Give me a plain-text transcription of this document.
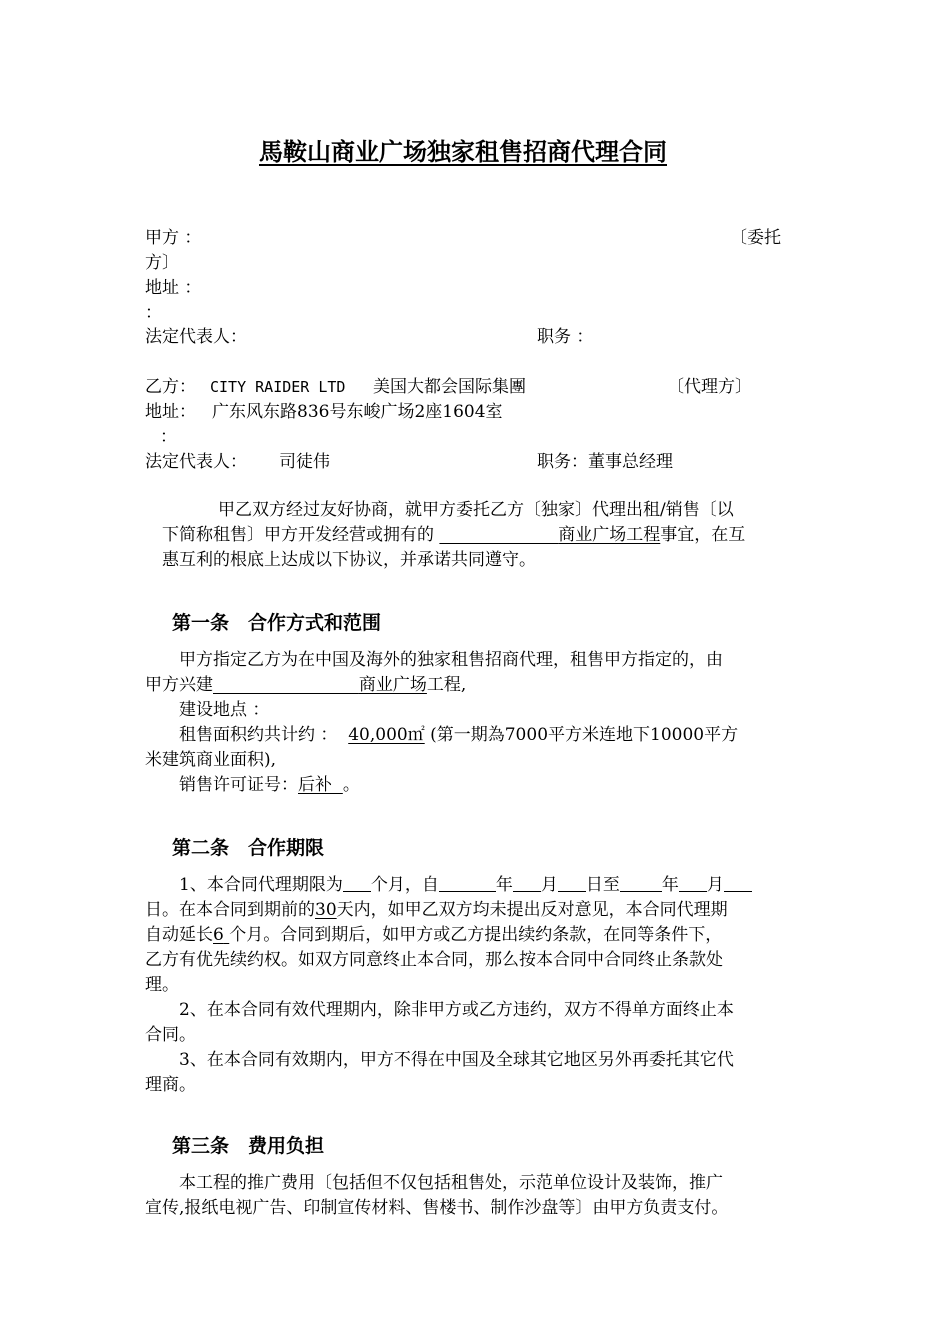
馬鞍山商业广场独家租售招商代理合同
甲方 ：	〔委托
方〕
地址 ：
：
法定代表人：	职务 ：
乙方： CITY RAIDER LTD 美国大都会国际集團	〔代理方〕
地址： 广东风东路836号东峻广场2座1604室
：
法定代表人： 司徒伟	职务：董事总经理
甲乙双方经过友好协商，就甲方委托乙方〔独家〕代理出租/销售〔以
下简称租售〕甲方开发经营或拥有的	商业广场工程事宜，在互
惠互利的根底上达成以下协议，并承诺共同遵守。
第一条　合作方式和范围
甲方指定乙方为在中国及海外的独家租售招商代理，租售甲方指定的，由
甲方兴建	商业广场工程,
建设地点 ：
租售面积约共计约 ： 40,000㎡ (第一期為7000平方米连地下10000平方
米建筑商业面积),
销售许可证号：后补 。
第二条　合作期限
1、本合同代理期限为 个月，自	年 月 日至 年 月
日。在本合同到期前的30天内，如甲乙双方均未提出反对意见，本合同代理期
自动延长6 个月。合同到期后，如甲方或乙方提出续约条款，在同等条件下，
乙方有优先续约权。如双方同意终止本合同，那么按本合同中合同终止条款处
理。
2、在本合同有效代理期内，除非甲方或乙方违约，双方不得单方面终止本
合同。
3、在本合同有效期内，甲方不得在中国及全球其它地区另外再委托其它代
理商。
第三条　费用负担
本工程的推广费用〔包括但不仅包括租售处，示范单位设计及装饰，推广
宣传,报纸电视广告、印制宣传材料、售楼书、制作沙盘等〕由甲方负责支付。
